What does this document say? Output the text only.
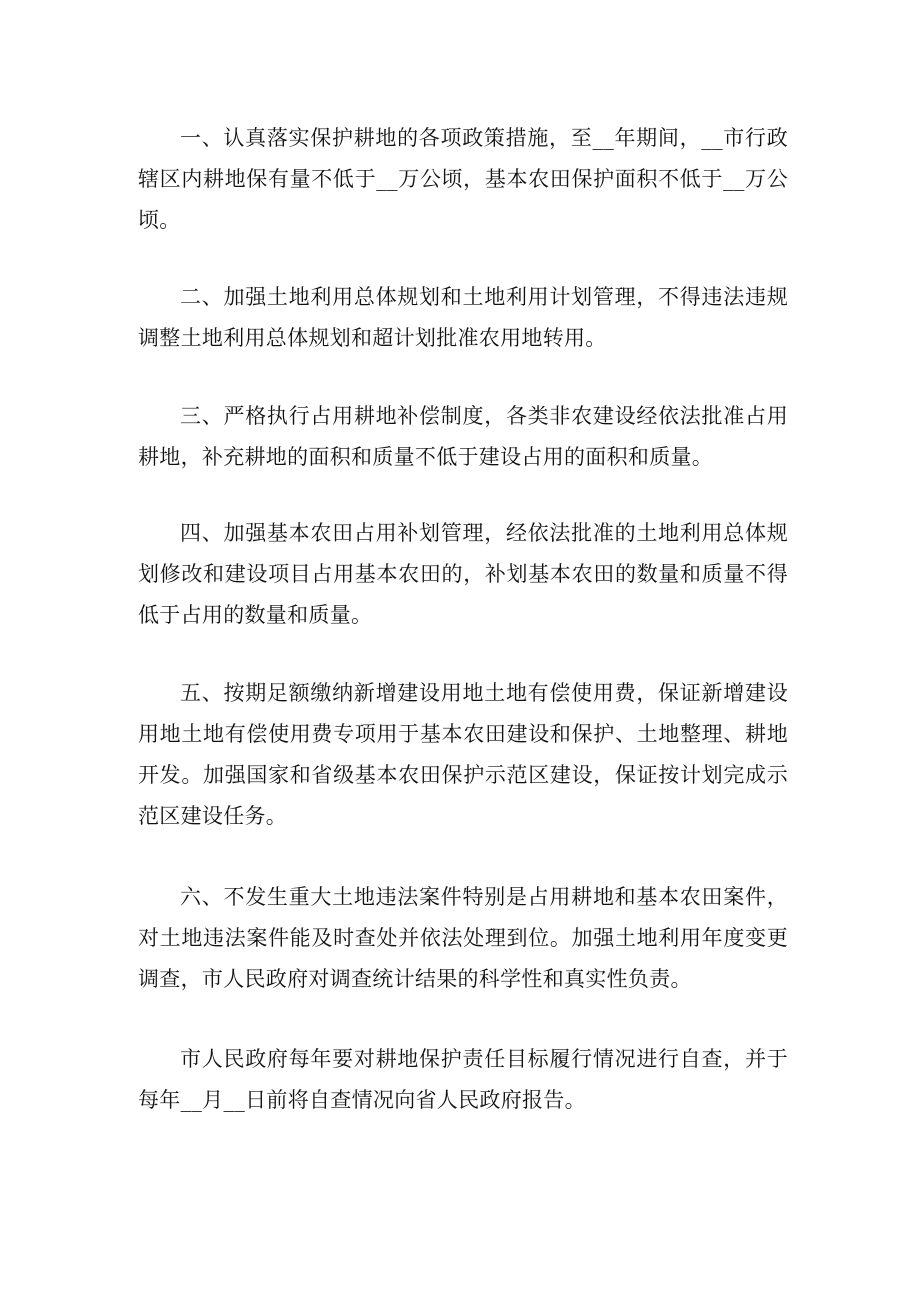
一、认真落实保护耕地的各项政策措施，至__年期间，__市行政辖区内耕地保有量不低于__万公顷，基本农田保护面积不低于__万公顷。

二、加强土地利用总体规划和土地利用计划管理，不得违法违规调整土地利用总体规划和超计划批准农用地转用。

三、严格执行占用耕地补偿制度，各类非农建设经依法批准占用耕地，补充耕地的面积和质量不低于建设占用的面积和质量。

四、加强基本农田占用补划管理，经依法批准的土地利用总体规划修改和建设项目占用基本农田的，补划基本农田的数量和质量不得低于占用的数量和质量。

五、按期足额缴纳新增建设用地土地有偿使用费，保证新增建设用地土地有偿使用费专项用于基本农田建设和保护、土地整理、耕地开发。加强国家和省级基本农田保护示范区建设，保证按计划完成示范区建设任务。

六、不发生重大土地违法案件特别是占用耕地和基本农田案件，对土地违法案件能及时查处并依法处理到位。加强土地利用年度变更调查，市人民政府对调查统计结果的科学性和真实性负责。

市人民政府每年要对耕地保护责任目标履行情况进行自查，并于每年__月__日前将自查情况向省人民政府报告。
